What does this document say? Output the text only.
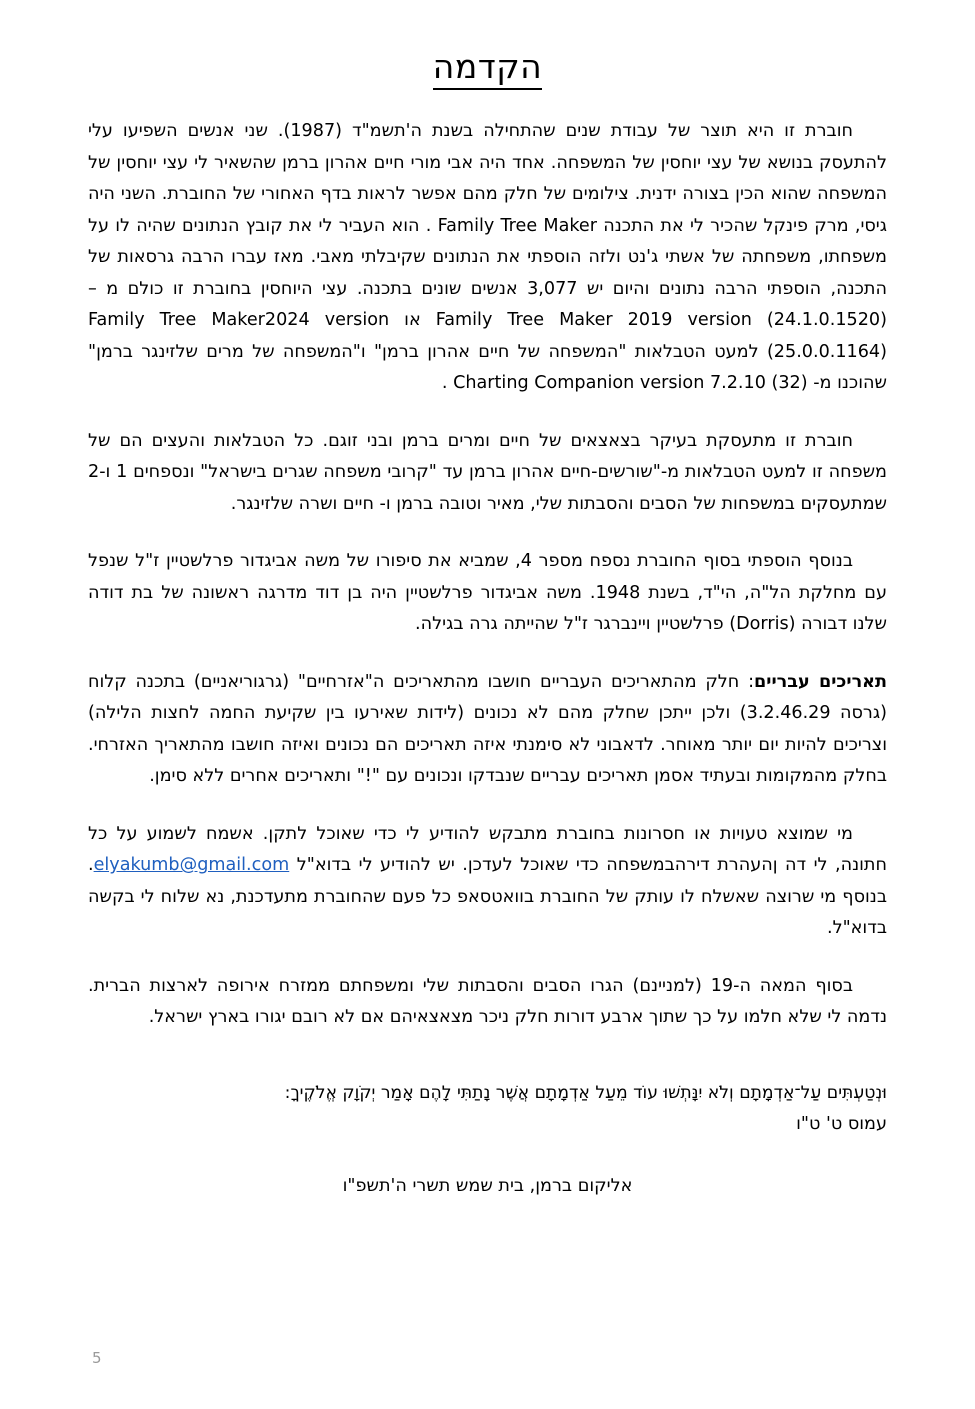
הקדמה

חוברת זו היא תוצר של עבודת שנים שהתחילה בשנת ה'תשמ"ד (1987). שני אנשים השפיעו עלי להתעסק בנושא של עצי יוחסין של המשפחה. אחד היה אבי מורי חיים אהרון ברמן שהשאיר לי עצי יוחסין של המשפחה שהוא הכין בצורה ידנית. צילומים של חלק מהם אפשר לראות בדף האחורי של החוברת. השני היה גיסי, מרק פינקל שהכיר לי את התכנה Family Tree Maker . הוא העביר לי את קובץ הנתונים שהיה לו על משפחתו, משפחתה של אשתי ג'נט ולזה הוספתי את הנתונים שקיבלתי מאבי. מאז עברו הרבה גרסאות של התכנה, הוספתי הרבה נתונים והיום יש 3,077 אנשים שונים בתכנה. עצי היוחסין בחוברת זו כולם מ – Family Tree Maker 2019 version (24.1.0.1520) או Family Tree Maker2024 version (25.0.0.1164) למעט הטבלאות "המשפחה של חיים אהרון ברמן" ו"המשפחה של מרים שלזינגר ברמן" שהוכנו מ- Charting Companion version 7.2.10 (32) .

חוברת זו מתעסקת בעיקר בצאצאים של חיים ומרים ברמן ובני זוגם. כל הטבלאות והעצים הם של משפחה זו למעט הטבלאות מ-"שורשים-חיים אהרון ברמן עד "קרובי משפחה שגרים בישראל" ונספחים 1 ו-2 שמתעסקים במשפחות של הסבים והסבתות שלי, מאיר וטובה ברמן ו- חיים ושרה שלזינגר.

בנוסף הוספתי בסוף החוברת נספח מספר 4, שמביא את סיפורו של משה אביגדור פרלשטיין ז"ל שנפל עם מחלקת הל"ה, הי"ד, בשנת 1948. משה אביגדור פרלשטיין היה בן דוד מדרגה ראשונה של בת דודה שלנו דבורה (Dorris) פרלשטיין ויינברגר ז"ל שהייתה גרה בגילה.

תאריכים עבריים: חלק מהתאריכים העבריים חושבו מהתאריכים ה"אזרחיים" (גרגוריאניים) בתכנה קלוח (גרסה 3.2.46.29) ולכן ייתכן שחלק מהם לא נכונים (לידות שאירעו בין שקיעת החמה לחצות הלילה) וצריכים להיות יום יותר מאוחר. לדאבוני לא סימנתי איזה תאריכים הם נכונים ואיזה חושבו מהתאריך האזרחי. בחלק מהמקומות ובעתיד אסמן תאריכים עבריים שנבדקו ונכונים עם "!" ותאריכים אחרים ללא סימן.

מי שמוצא טעויות או חסרונות בחוברת מתבקש להודיע לי כדי שאוכל לתקן. אשמח לשמוע על כל חתונה, לי דה ןהעהרת דירהבמשפחה כדי שאוכל לעדכן. יש להודיע לי בדוא"ל elyakumb@gmail.com. בנוסף מי שרוצה שאשלח לו עותק של החוברת בוואטסאפ כל פעם שהחוברת מתעדכנת, נא שלוח לי בקשה בדוא"ל.

בסוף המאה ה-19 (למניינם) הגרו הסבים והסבתות שלי ומשפחתם ממזרח אירופה לארצות הברית. נדמה לי שלא חלמו על כך שתוך ארבע דורות חלק ניכר מצאצאיהם אם לא רובם יגורו בארץ ישראל.

וּנְטַעְתִּים עַל־אַדְמָתָם וְלֹא יִנָּתְשׁוּ עוֹד מֵעַל אַדְמָתָם אֲשֶׁר נָתַתִּי לָהֶם אָמַר יְקֹוָק אֱלֹקֶיךָ:

עמוס ט' ט"ו

אליקום ברמן, בית שמש תשרי ה'תשפ"ו

5
